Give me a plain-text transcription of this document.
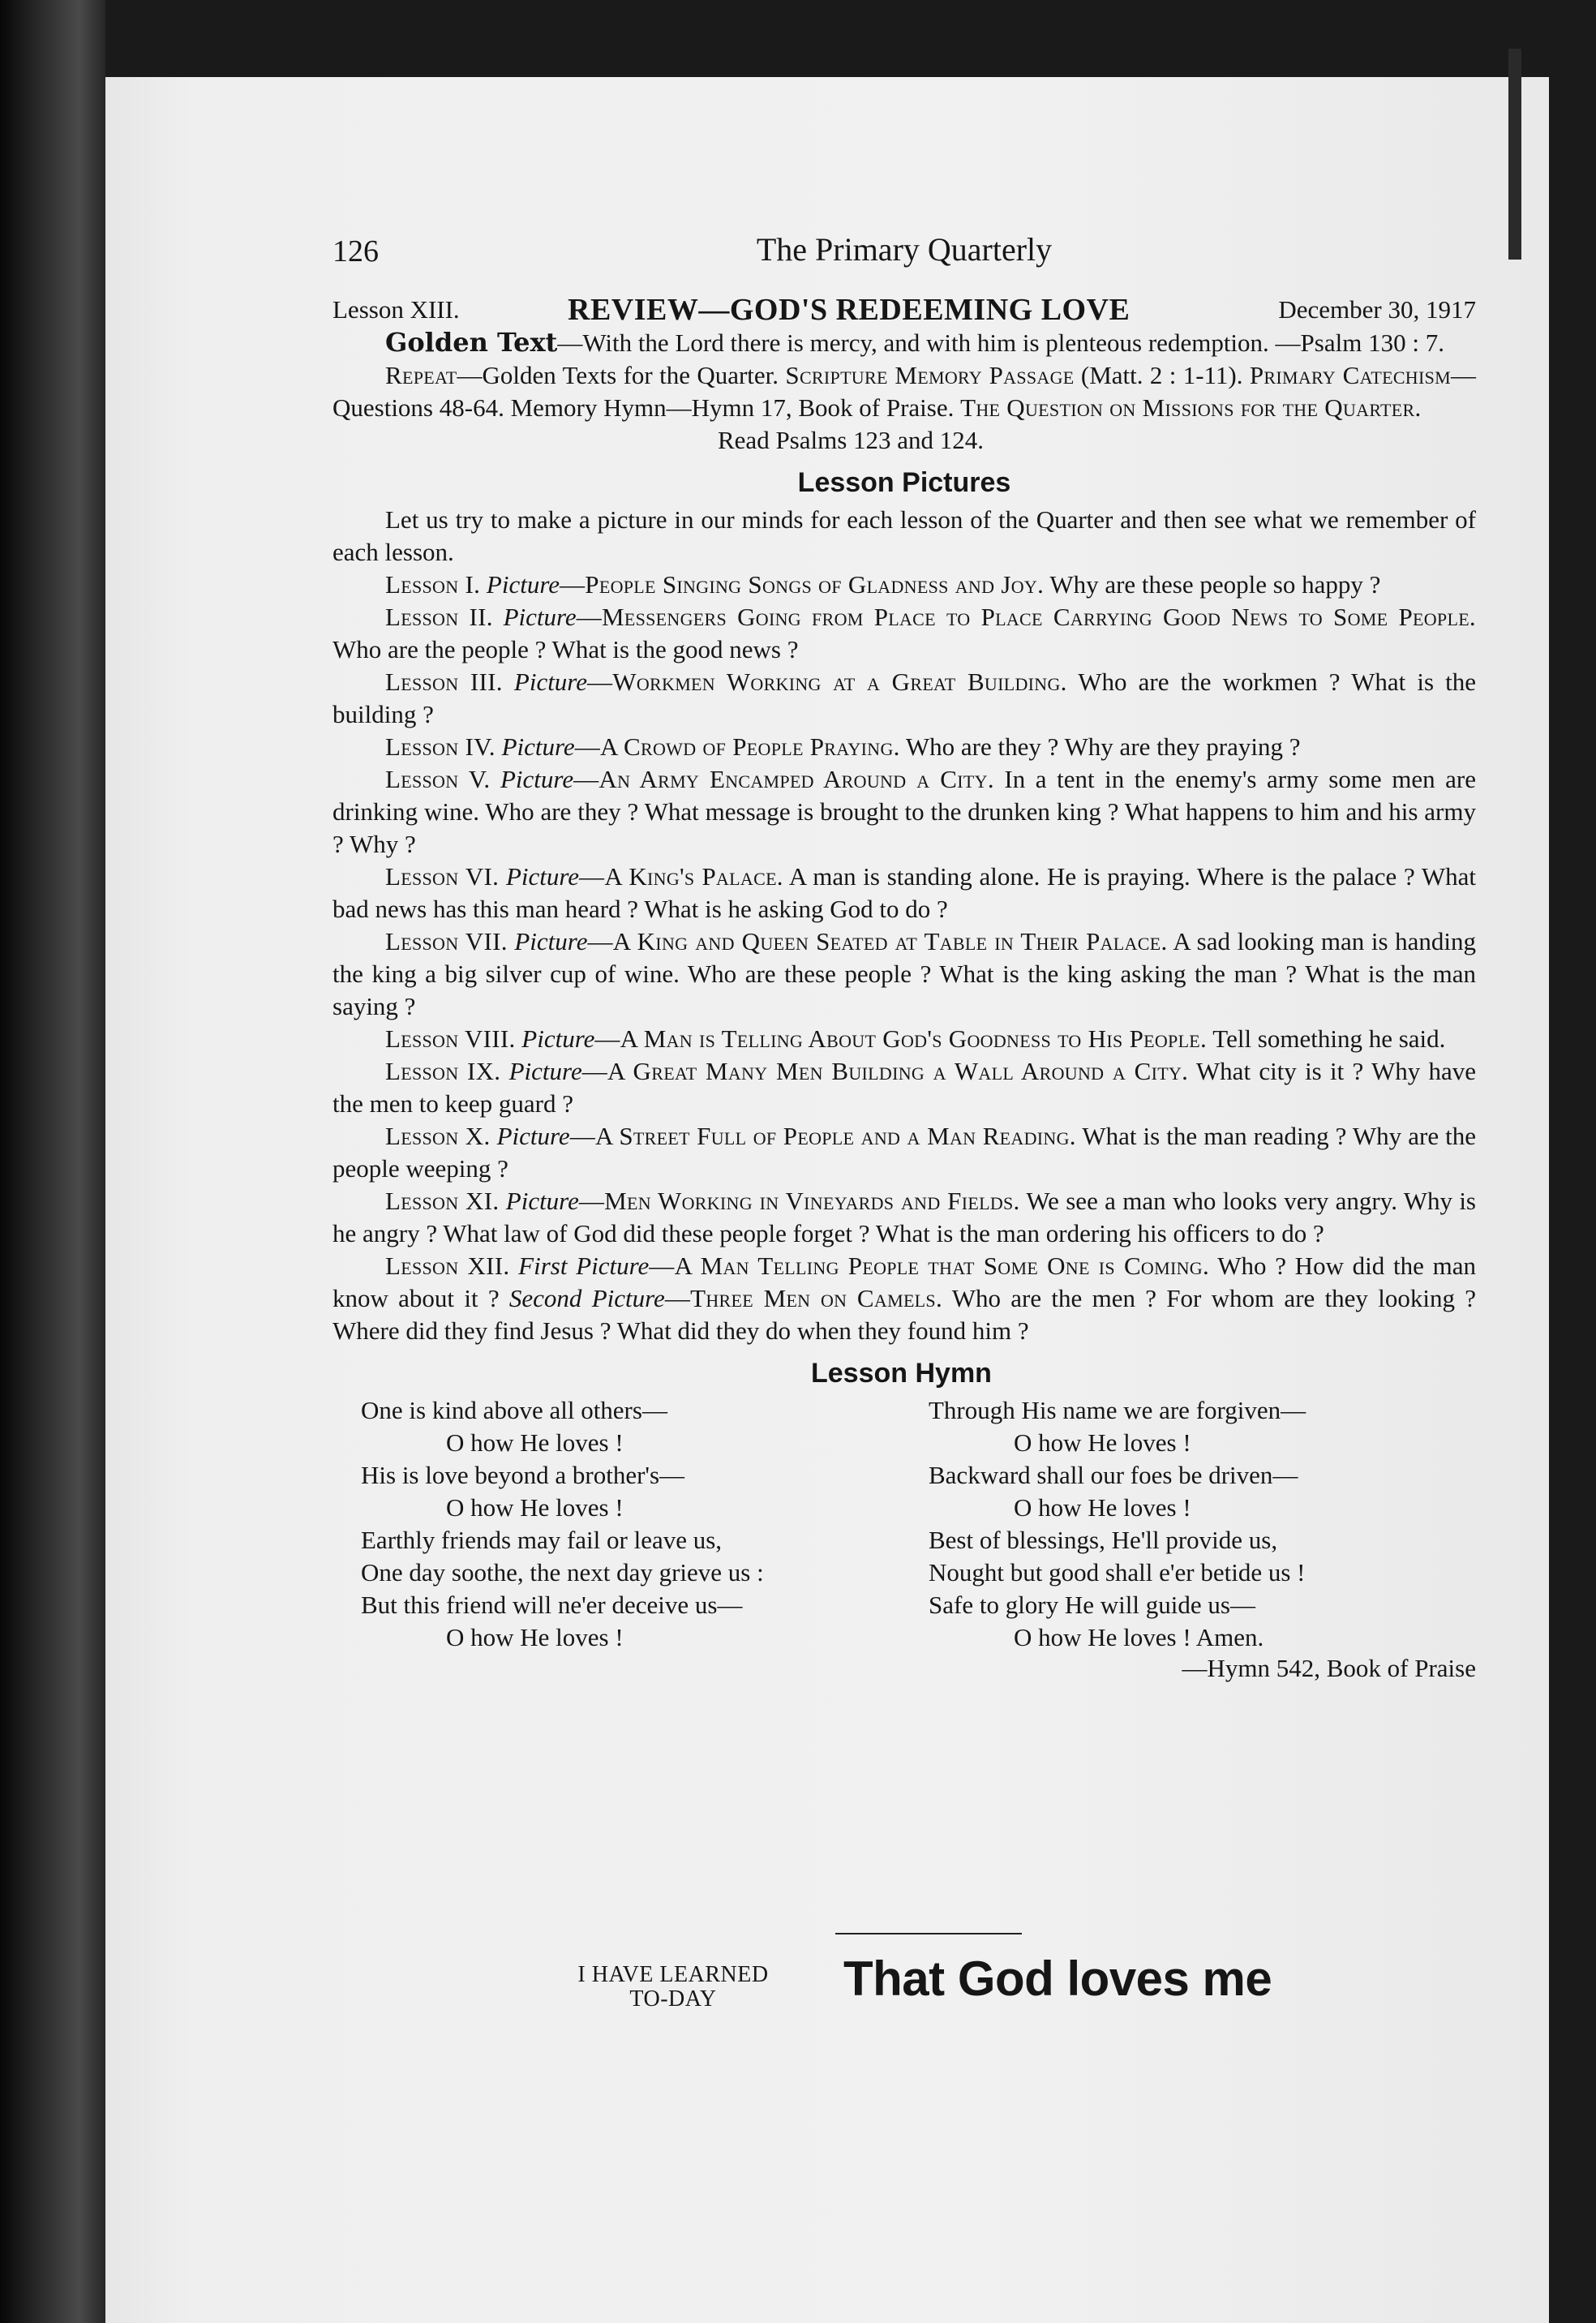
126	The Primary Quarterly
Lesson XIII.	REVIEW—GOD'S REDEEMING LOVE	December 30, 1917

Golden Text—With the Lord there is mercy, and with him is plenteous redemption. —Psalm 130 : 7.

Repeat—Golden Texts for the Quarter. Scripture Memory Passage (Matt. 2 : 1-11). Primary Catechism—Questions 48-64. Memory Hymn—Hymn 17, Book of Praise. The Question on Missions for the Quarter.

Read Psalms 123 and 124.

Lesson Pictures

Let us try to make a picture in our minds for each lesson of the Quarter and then see what we remember of each lesson.

Lesson I. Picture—People Singing Songs of Gladness and Joy. Why are these people so happy ?

Lesson II. Picture—Messengers Going from Place to Place Carrying Good News to Some People. Who are the people ? What is the good news ?

Lesson III. Picture—Workmen Working at a Great Building. Who are the workmen ? What is the building ?

Lesson IV. Picture—A Crowd of People Praying. Who are they ? Why are they praying ?

Lesson V. Picture—An Army Encamped Around a City. In a tent in the enemy's army some men are drinking wine. Who are they ? What message is brought to the drunken king ? What happens to him and his army ? Why ?

Lesson VI. Picture—A King's Palace. A man is standing alone. He is praying. Where is the palace ? What bad news has this man heard ? What is he asking God to do ?

Lesson VII. Picture—A King and Queen Seated at Table in Their Palace. A sad looking man is handing the king a big silver cup of wine. Who are these people ? What is the king asking the man ? What is the man saying ?

Lesson VIII. Picture—A Man is Telling About God's Goodness to His People. Tell something he said.

Lesson IX. Picture—A Great Many Men Building a Wall Around a City. What city is it ? Why have the men to keep guard ?

Lesson X. Picture—A Street Full of People and a Man Reading. What is the man reading ? Why are the people weeping ?

Lesson XI. Picture—Men Working in Vineyards and Fields. We see a man who looks very angry. Why is he angry ? What law of God did these people forget ? What is the man ordering his officers to do ?

Lesson XII. First Picture—A Man Telling People that Some One is Coming. Who ? How did the man know about it ? Second Picture—Three Men on Camels. Who are the men ? For whom are they looking ? Where did they find Jesus ? What did they do when they found him ?

Lesson Hymn
One is kind above all others—
O how He loves !
His is love beyond a brother's—
O how He loves !
Earthly friends may fail or leave us,
One day soothe, the next day grieve us :
But this friend will ne'er deceive us—
O how He loves !
Through His name we are forgiven—
O how He loves !
Backward shall our foes be driven—
O how He loves !
Best of blessings, He'll provide us,
Nought but good shall e'er betide us !
Safe to glory He will guide us—
O how He loves ! Amen.
—Hymn 542, Book of Praise
I HAVE LEARNED
TO-DAY	That God loves me
